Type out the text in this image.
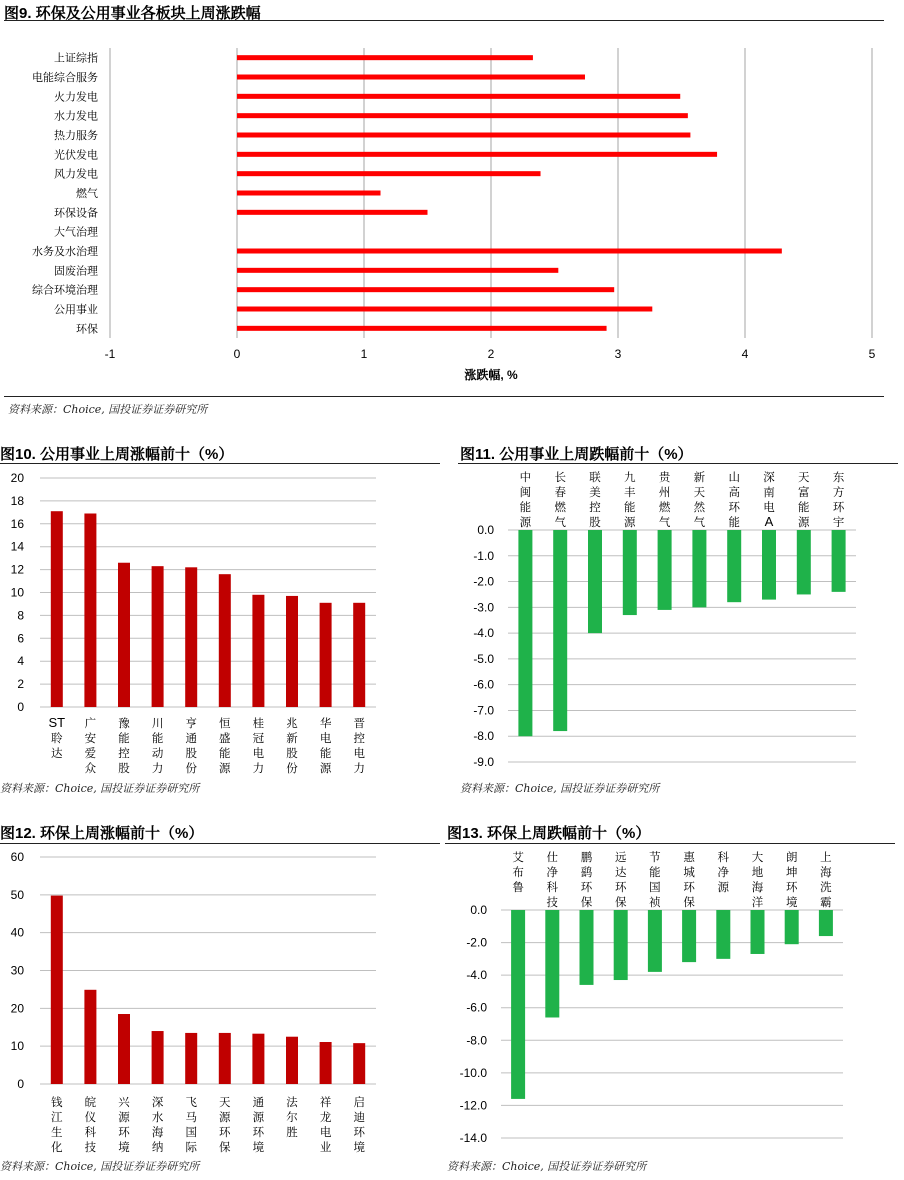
图9. 环保及公用事业各板块上周涨跌幅
-1	0	1	2	3	4	5
上证综指
电能综合服务
火力发电
水力发电
热力服务
光伏发电
风力发电
燃气
环保设备
大气治理
水务及水治理
固废治理
综合环境治理
公用事业
环保
涨跌幅, %
资料来源：Choice, 国投证券证券研究所
图10. 公用事业上周涨幅前十（%）
20
18
16
14
12
10
8
6
4
2
0
ST 聆达
广安爱众
豫能控股
川能动力
亨通股份
恒盛能源
桂冠电力
兆新股份
华电能源
晋控电力
资料来源：Choice, 国投证券证券研究所
图11. 公用事业上周跌幅前十（%）
0.0
-1.0
-2.0
-3.0
-4.0
-5.0
-6.0
-7.0
-8.0
-9.0
中闽能源
长春燃气
联美控股
九丰能源
贵州燃气
新天然气
山高环能
深南电 A
天富能源
东方环宇
资料来源：Choice, 国投证券证券研究所
图12. 环保上周涨幅前十（%）
60
50
40
30
20
10
0
钱江生化
皖仪科技
兴源环境
深水海纳
飞马国际
天源环保
通源环境
法尔胜
祥龙电业
启迪环境
资料来源：Choice, 国投证券证券研究所
图13. 环保上周跌幅前十（%）
0.0
-2.0
-4.0
-6.0
-8.0
-10.0
-12.0
-14.0
艾布鲁
仕净科技
鹏鹞环保
远达环保
节能国祯
惠城环保
科净源
大地海洋
朗坤环境
上海洗霸
资料来源：Choice, 国投证券证券研究所
